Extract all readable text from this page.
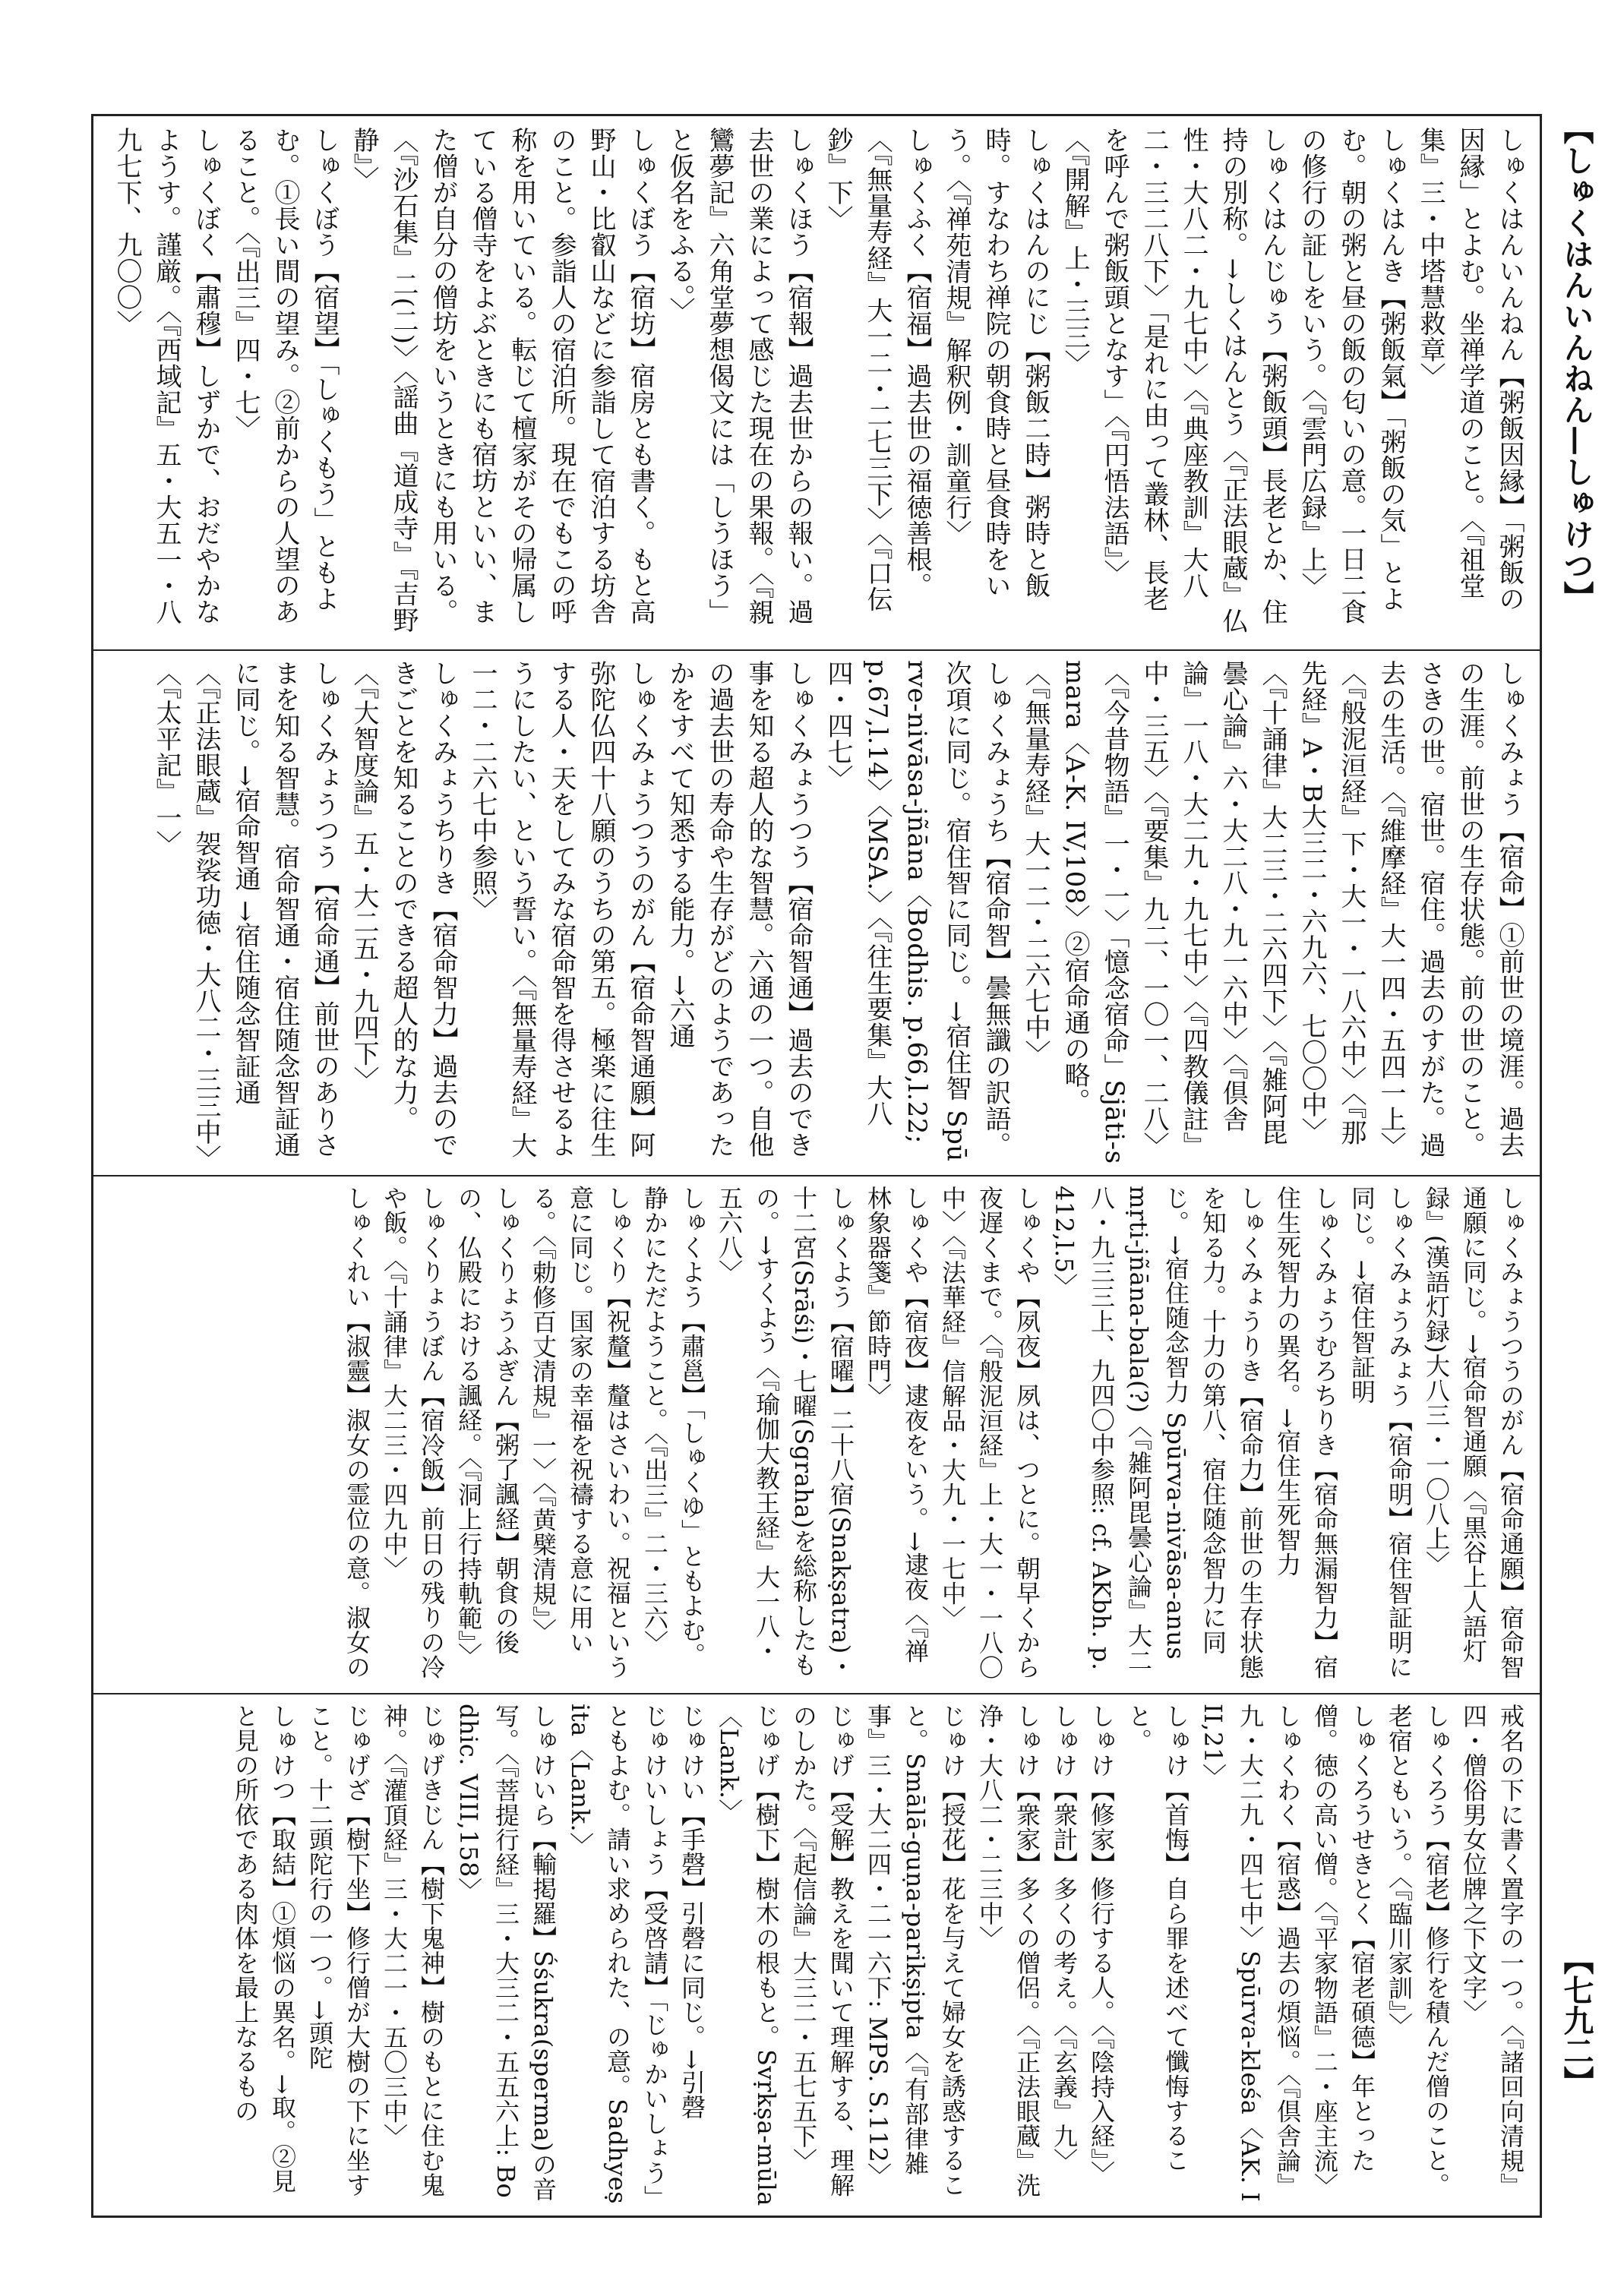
【しゅくはんいんねん—しゅけつ】
しゅくはんいんねん【粥飯因縁】「粥飯の因縁」とよむ。坐禅学道のこと。〈『祖堂集』三・中塔慧救章〉しゅくはんき【粥飯氣】「粥飯の気」とよむ。朝の粥と昼の飯の匂いの意。一日二食の修行の証しをいう。〈『雲門広録』上〉しゅくはんじゅう【粥飯頭】長老とか、住持の別称。→しくはんとう〈『正法眼蔵』仏性・大八二・九七中〉〈『典座教訓』大八二・三二八下〉「是れに由って叢林、長老を呼んで粥飯頭となす」〈『円悟法語』〉〈『開解』上・三三〉しゅくはんのにじ【粥飯二時】粥時と飯時。すなわち禅院の朝食時と昼食時をいう。〈『禅苑清規』解釈例・訓童行〉しゅくふく【宿福】過去世の福徳善根。〈『無量寿経』大一二・二七三下〉〈『口伝鈔』下〉しゅくほう【宿報】過去世からの報い。過去世の業によって感じた現在の果報。〈『親鸞夢記』六角堂夢想偈文には「しうほう」と仮名をふる。〉しゅくぼう【宿坊】宿房とも書く。もと高野山・比叡山などに参詣して宿泊する坊舎のこと。参詣人の宿泊所。現在でもこの呼称を用いている。転じて檀家がその帰属している僧寺をよぶときにも宿坊といい、また僧が自分の僧坊をいうときにも用いる。〈『沙石集』二(二)〉〈謡曲『道成寺』『吉野静』〉しゅくぼう【宿望】「しゅくもう」ともよむ。①長い間の望み。②前からの人望のあること。〈『出三』四・七〉しゅくぼく【肅穆】しずかで、おだやかなようす。謹厳。〈『西域記』五・大五一・八九七下、九〇〇〉
しゅくみょう【宿命】①前世の境涯。過去の生涯。前世の生存状態。前の世のこと。さきの世。宿世。宿住。過去のすがた。過去の生活。〈『維摩経』大一四・五四一上〉〈『般泥洹経』下・大一・一八六中〉〈『那先経』A・B大三二・六九六、七〇〇中〉〈『十誦律』大二三・二六四下〉〈『雑阿毘曇心論』六・大二八・九一六中〉〈『倶舎論』一八・大二九・九七中〉〈『四教儀註』中・三五〉〈『要集』九二、一〇一、二八〉〈『今昔物語』一・一〉「憶念宿命」Sjāti-smara〈A-K. IV,108〉②宿命通の略。〈『無量寿経』大一二・二六七中〉しゅくみょうち【宿命智】曇無讖の訳語。次項に同じ。宿住智に同じ。→宿住智 Spūrve-nivāsa-jñāna〈Bodhis. p.66,l.22; p.67,l.14〉〈MSA.〉〈『往生要集』大八四・四七〉しゅくみょうつう【宿命智通】過去のでき事を知る超人的な智慧。六通の一つ。自他の過去世の寿命や生存がどのようであったかをすべて知悉する能力。→六通しゅくみょうつうのがん【宿命智通願】阿弥陀仏四十八願のうちの第五。極楽に往生する人・天をしてみな宿命智を得させるようにしたい、という誓い。〈『無量寿経』大一二・二六七中参照〉しゅくみょうちりき【宿命智力】過去のできごとを知ることのできる超人的な力。〈『大智度論』五・大二五・九四下〉しゅくみょうつう【宿命通】前世のありさまを知る智慧。宿命智通・宿住随念智証通に同じ。→宿命智通 →宿住随念智証通〈『正法眼蔵』袈裟功徳・大八二・三三中〉〈『太平記』一〉
しゅくみょうつうのがん【宿命通願】宿命智通願に同じ。→宿命智通願〈『黒谷上人語灯録』(漢語灯録)大八三・一〇八上〉しゅくみょうみょう【宿命明】宿住智証明に同じ。→宿住智証明しゅくみょうむろちりき【宿命無漏智力】宿住生死智力の異名。→宿住生死智力しゅくみょうりき【宿命力】前世の生存状態を知る力。十力の第八、宿住随念智力に同じ。→宿住随念智力 Spūrva-nivāsa-anusmṛti-jñāna-bala(?)〈『雑阿毘曇心論』大二八・九三三上、九四〇中参照: cf. AKbh. p.412,l.5〉しゅくや【夙夜】夙は、つとに。朝早くから夜遅くまで。〈『般泥洹経』上・大一・一八〇中〉〈『法華経』信解品・大九・一七中〉しゅくや【宿夜】逮夜をいう。→逮夜〈『禅林象器箋』節時門〉しゅくよう【宿曜】二十八宿(Snakṣatra)・十二宮(Srāśi)・七曜(Sgraha)を総称したもの。→すくよう〈『瑜伽大教王経』大一八・五六八〉しゅくよう【肅邕】「しゅくゆ」ともよむ。静かにただようこと。〈『出三』二・三六〉しゅくり【祝釐】釐はさいわい。祝福という意に同じ。国家の幸福を祝禱する意に用いる。〈『勅修百丈清規』一〉〈『黄檗清規』〉しゅくりょうふぎん【粥了諷経】朝食の後の、仏殿における諷経。〈『洞上行持軌範』〉しゅくりょうぼん【宿冷飯】前日の残りの冷や飯。〈『十誦律』大二三・四九中〉しゅくれい【淑靈】淑女の霊位の意。淑女の
戒名の下に書く置字の一つ。〈『諸回向清規』四・僧俗男女位牌之下文字〉しゅくろう【宿老】修行を積んだ僧のこと。老宿ともいう。〈『臨川家訓』〉しゅくろうせきとく【宿老碩德】年とった僧。徳の高い僧。〈『平家物語』二・座主流〉しゅくわく【宿惑】過去の煩悩。〈『倶舎論』九・大二九・四七中〉Spūrva-kleśa〈AK. III,21〉しゅけ【首悔】自ら罪を述べて懺悔すること。しゅけ【修家】修行する人。〈『陰持入経』〉しゅけ【衆計】多くの考え。〈『玄義』九〉しゅけ【衆家】多くの僧侶。〈『正法眼蔵』洗浄・大八二・二三中〉じゅけ【授花】花を与えて婦女を誘惑すること。Smālā-guṇa-parikṣipta〈『有部律雑事』三・大二四・二一六下: MPS. S.112〉じゅげ【受解】教えを聞いて理解する、理解のしかた。〈『起信論』大三二・五七五下〉じゅげ【樹下】樹木の根もと。Svṛkṣa-mūla〈Lank.〉じゅけい【手磬】引磬に同じ。→引磬じゅけいしょう【受啓請】「じゅかいしょう」ともよむ。請い求められた、の意。Sadhyeṣita〈Lank.〉しゅけいら【輸掲羅】Śśukra(sperma)の音写。〈『菩提行経』三・大三二・五五六上: Bodhic. VIII,158〉じゅげきじん【樹下鬼神】樹のもとに住む鬼神。〈『灌頂経』三・大二一・五〇三中〉じゅげざ【樹下坐】修行僧が大樹の下に坐すこと。十二頭陀行の一つ。→頭陀しゅけつ【取結】①煩悩の異名。→取。②見と見の所依である肉体を最上なるもの	【七九二】
